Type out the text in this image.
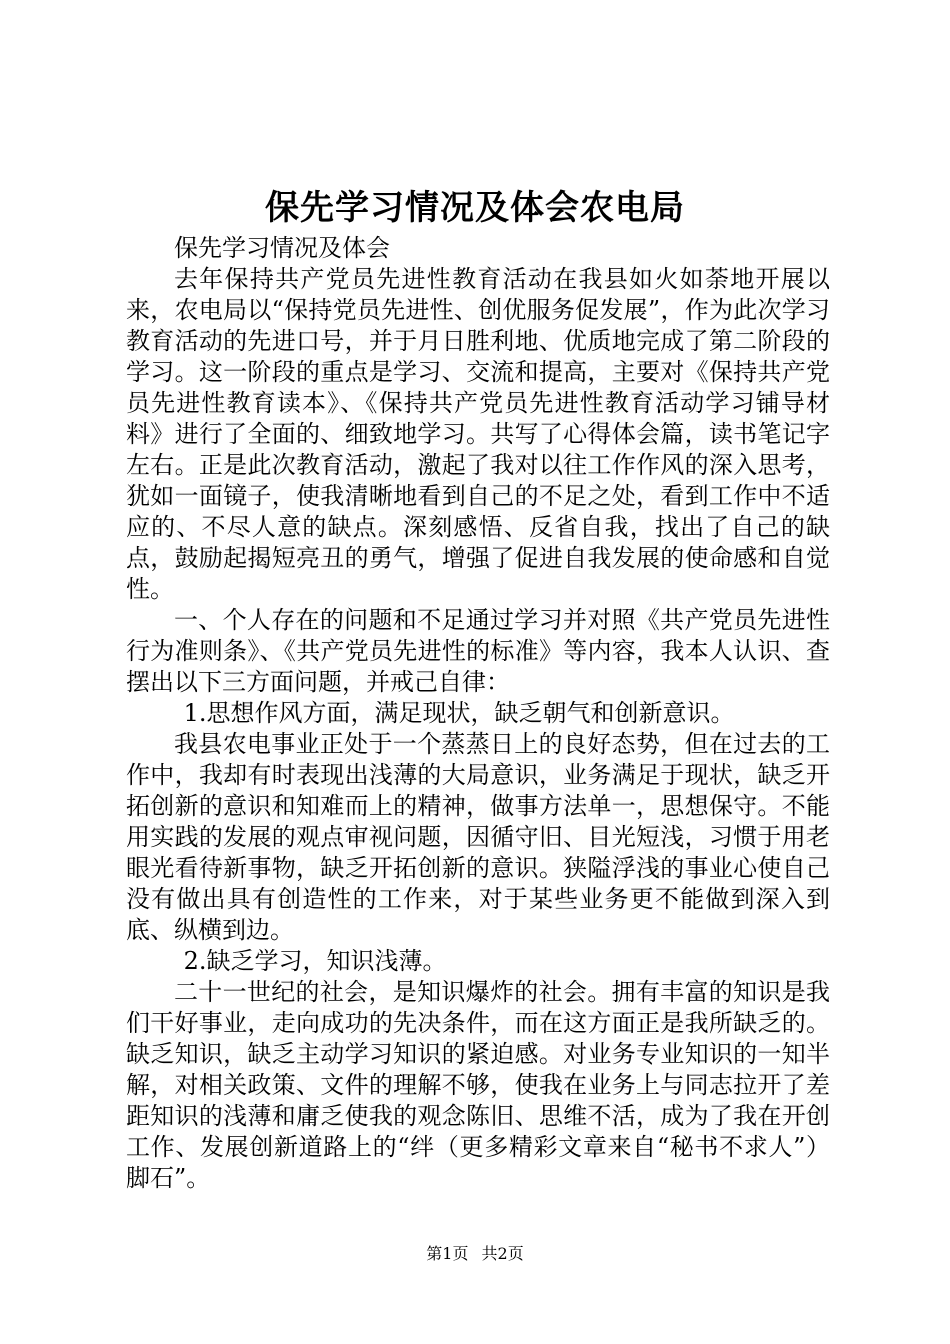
保先学习情况及体会农电局

保先学习情况及体会

去年保持共产党员先进性教育活动在我县如火如荼地开展以来，农电局以“保持党员先进性、创优服务促发展”，作为此次学习教育活动的先进口号，并于月日胜利地、优质地完成了第二阶段的学习。这一阶段的重点是学习、交流和提高，主要对《保持共产党员先进性教育读本》、《保持共产党员先进性教育活动学习铺导材料》进行了全面的、细致地学习。共写了心得体会篇，读书笔记字左右。正是此次教育活动，激起了我对以往工作作风的深入思考，犹如一面镜子，使我清晰地看到自己的不足之处，看到工作中不适应的、不尽人意的缺点。深刻感悟、反省自我，找出了自己的缺点，鼓励起揭短亮丑的勇气，增强了促进自我发展的使命感和自觉性。

一、个人存在的问题和不足通过学习并对照《共产党员先进性行为准则条》、《共产党员先进性的标准》等内容，我本人认识、查摆出以下三方面问题，并戒己自律：

1.思想作风方面，满足现状，缺乏朝气和创新意识。

我县农电事业正处于一个蒸蒸日上的良好态势，但在过去的工作中，我却有时表现出浅薄的大局意识，业务满足于现状，缺乏开拓创新的意识和知难而上的精神，做事方法单一，思想保守。不能用实践的发展的观点审视问题，因循守旧、目光短浅，习惯于用老眼光看待新事物，缺乏开拓创新的意识。狭隘浮浅的事业心使自己没有做出具有创造性的工作来，对于某些业务更不能做到深入到底、纵横到边。

2.缺乏学习，知识浅薄。

二十一世纪的社会，是知识爆炸的社会。拥有丰富的知识是我们干好事业，走向成功的先决条件，而在这方面正是我所缺乏的。缺乏知识，缺乏主动学习知识的紧迫感。对业务专业知识的一知半解，对相关政策、文件的理解不够，使我在业务上与同志拉开了差距知识的浅薄和庸乏使我的观念陈旧、思维不活，成为了我在开创工作、发展创新道路上的“绊（更多精彩文章来自“秘书不求人”）脚石”。

第1页 共2页
